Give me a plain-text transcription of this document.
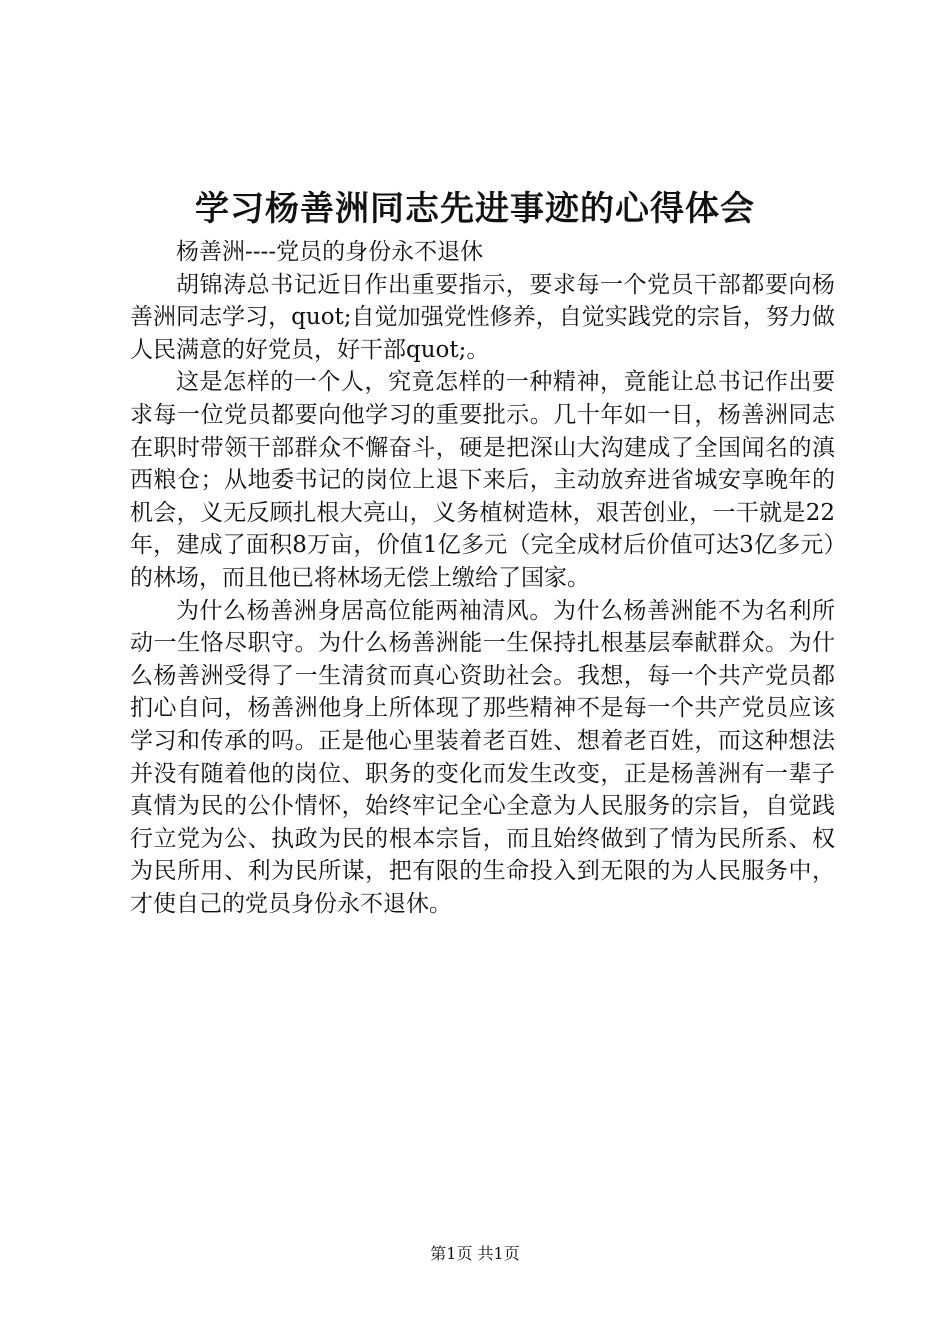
学习杨善洲同志先进事迹的心得体会

杨善洲----党员的身份永不退休

胡锦涛总书记近日作出重要指示，要求每一个党员干部都要向杨善洲同志学习，quot;自觉加强党性修养，自觉实践党的宗旨，努力做人民满意的好党员，好干部quot;。

这是怎样的一个人，究竟怎样的一种精神，竟能让总书记作出要求每一位党员都要向他学习的重要批示。几十年如一日，杨善洲同志在职时带领干部群众不懈奋斗，硬是把深山大沟建成了全国闻名的滇西粮仓；从地委书记的岗位上退下来后，主动放弃进省城安享晚年的机会，义无反顾扎根大亮山，义务植树造林，艰苦创业，一干就是22年，建成了面积8万亩，价值1亿多元（完全成材后价值可达3亿多元）的林场，而且他已将林场无偿上缴给了国家。

为什么杨善洲身居高位能两袖清风。为什么杨善洲能不为名利所动一生恪尽职守。为什么杨善洲能一生保持扎根基层奉献群众。为什么杨善洲受得了一生清贫而真心资助社会。我想，每一个共产党员都扪心自问，杨善洲他身上所体现了那些精神不是每一个共产党员应该学习和传承的吗。正是他心里装着老百姓、想着老百姓，而这种想法并没有随着他的岗位、职务的变化而发生改变，正是杨善洲有一辈子真情为民的公仆情怀，始终牢记全心全意为人民服务的宗旨，自觉践行立党为公、执政为民的根本宗旨，而且始终做到了情为民所系、权为民所用、利为民所谋，把有限的生命投入到无限的为人民服务中，才使自己的党员身份永不退休。

第1页 共1页
